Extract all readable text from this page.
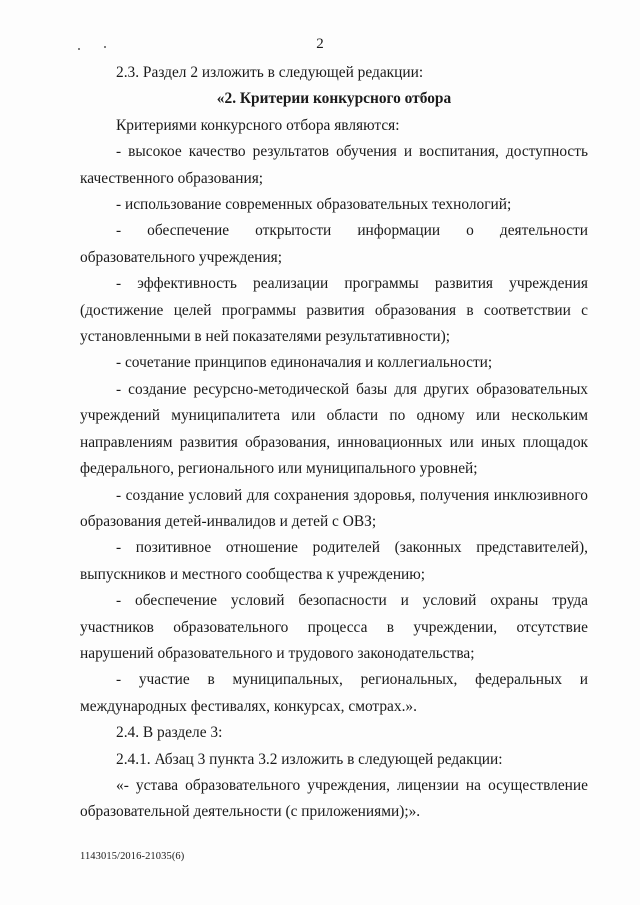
2

2.3. Раздел 2 изложить в следующей редакции:

«2. Критерии конкурсного отбора

Критериями конкурсного отбора являются:

- высокое качество результатов обучения и воспитания, доступность качественного образования;

- использование современных образовательных технологий;

- обеспечение открытости информации о деятельности образовательного учреждения;

- эффективность реализации программы развития учреждения (достижение целей программы развития образования в соответствии с установленными в ней показателями результативности);

- сочетание принципов единоначалия и коллегиальности;

- создание ресурсно-методической базы для других образовательных учреждений муниципалитета или области по одному или нескольким направлениям развития образования, инновационных или иных площадок федерального, регионального или муниципального уровней;

- создание условий для сохранения здоровья, получения инклюзивного образования детей-инвалидов и детей с ОВЗ;

- позитивное отношение родителей (законных представителей), выпускников и местного сообщества к учреждению;

- обеспечение условий безопасности и условий охраны труда участников образовательного процесса в учреждении, отсутствие нарушений образовательного и трудового законодательства;

- участие в муниципальных, региональных, федеральных и международных фестивалях, конкурсах, смотрах.».

2.4. В разделе 3:

2.4.1. Абзац 3 пункта 3.2 изложить в следующей редакции:

«- устава образовательного учреждения, лицензии на осуществление образовательной деятельности (с приложениями);».

1143015/2016-21035(6)
